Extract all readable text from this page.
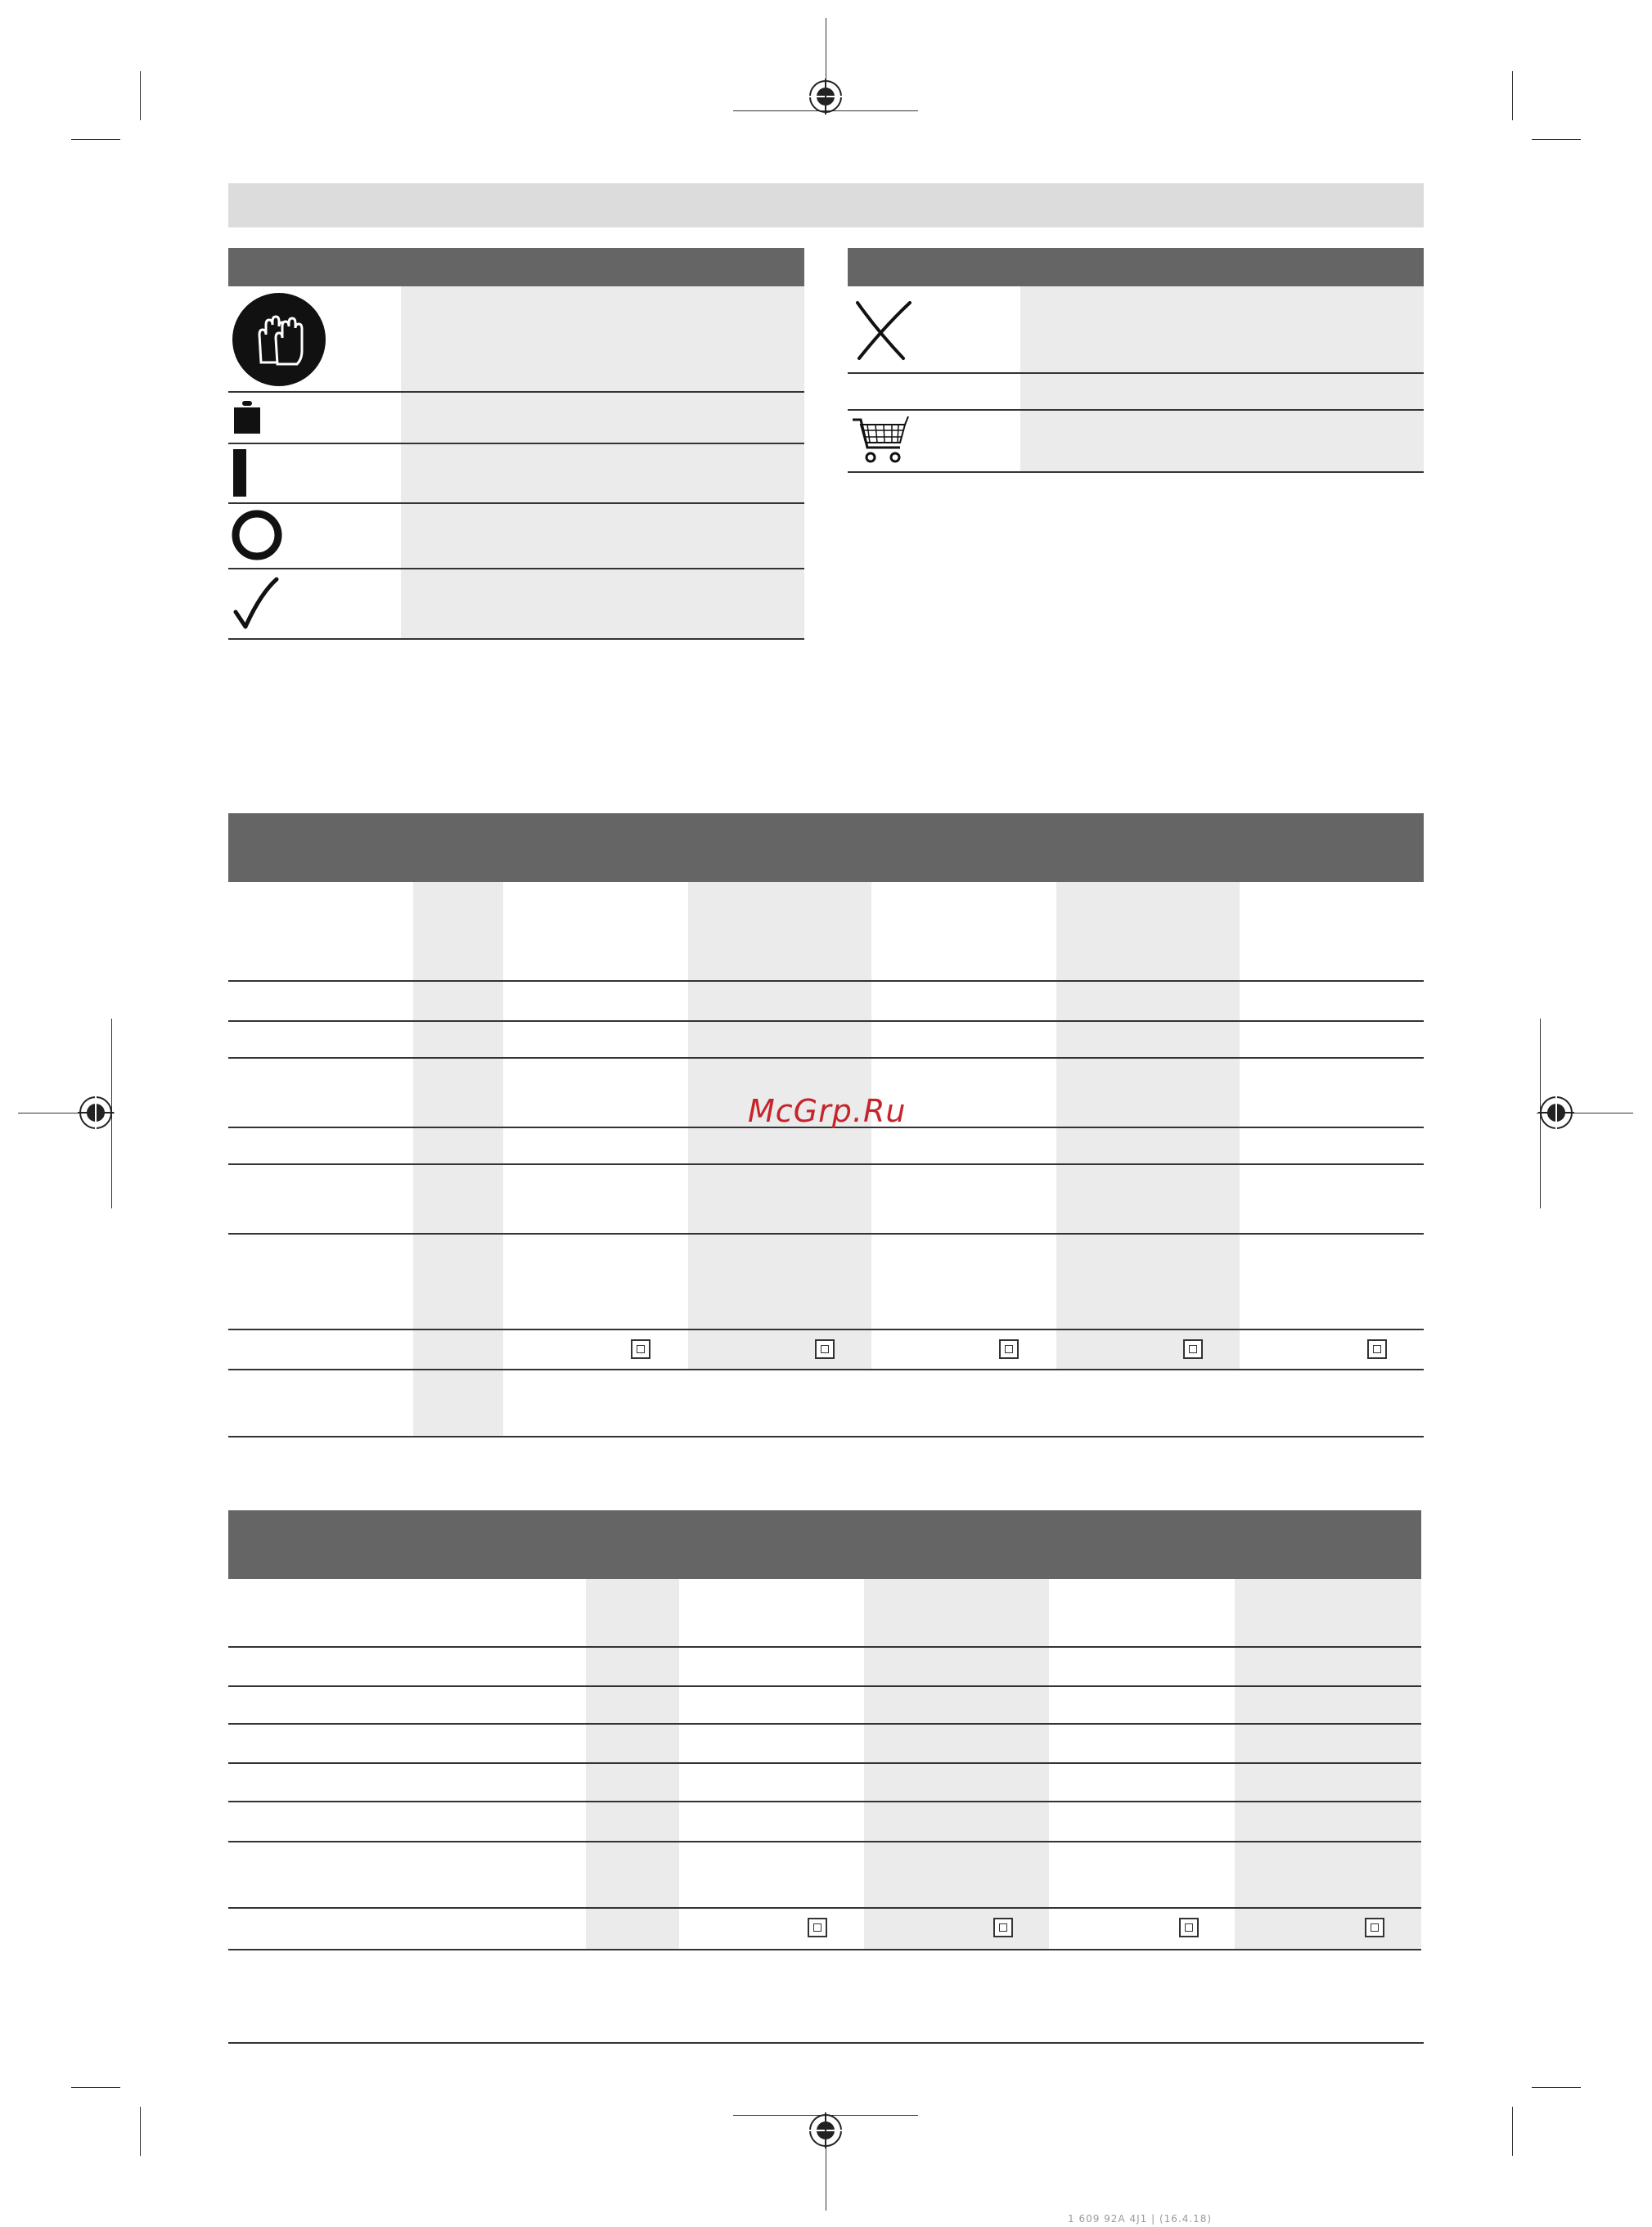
McGrp.Ru
1 609 92A 4J1 | (16.4.18)
